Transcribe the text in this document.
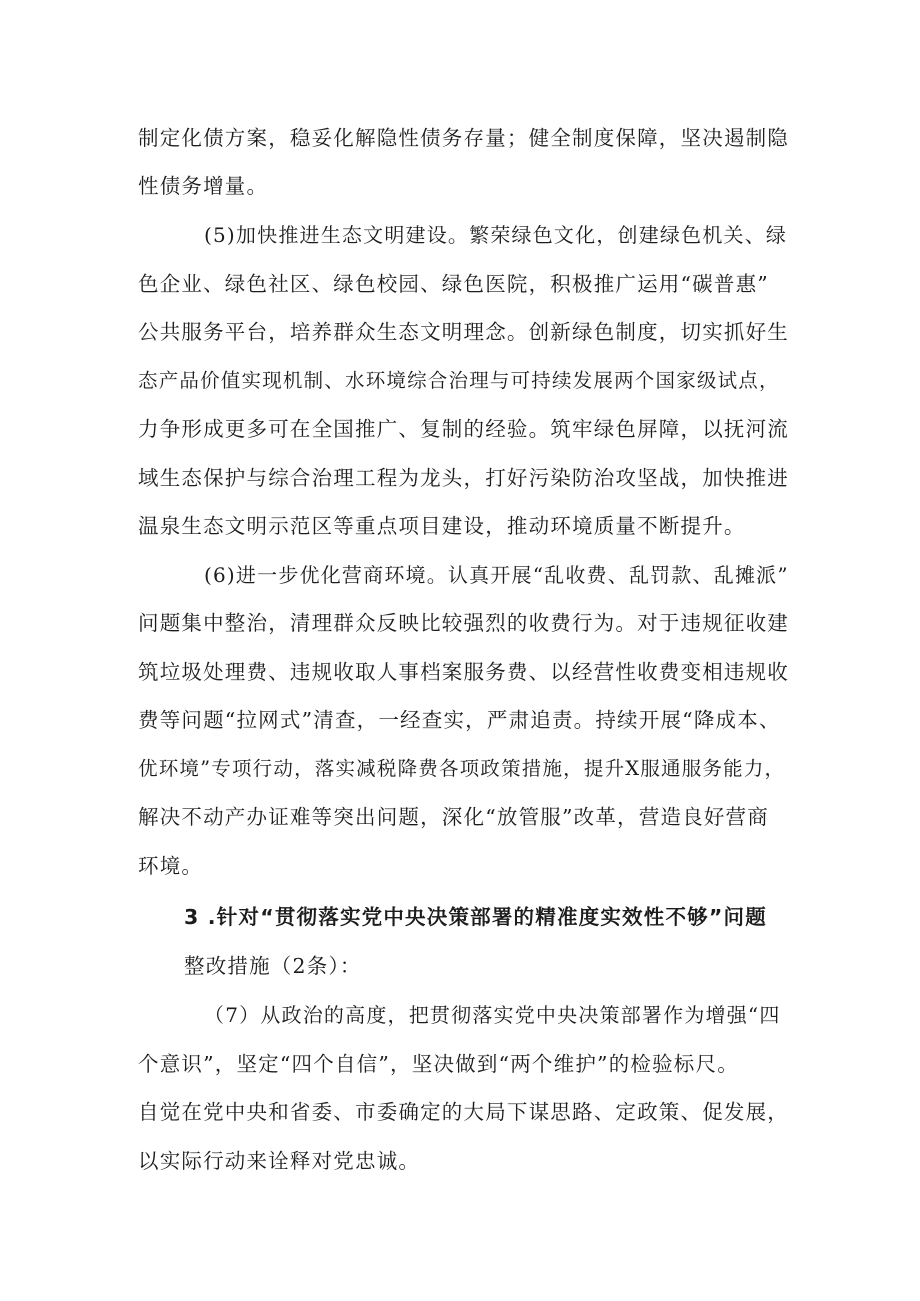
制定化债方案，稳妥化解隐性债务存量；健全制度保障，坚决遏制隐
性债务增量。
(5)加快推进生态文明建设。繁荣绿色文化，创建绿色机关、绿
色企业、绿色社区、绿色校园、绿色医院，积极推广运用“碳普惠”
公共服务平台，培养群众生态文明理念。创新绿色制度，切实抓好生
态产品价值实现机制、水环境综合治理与可持续发展两个国家级试点，
力争形成更多可在全国推广、复制的经验。筑牢绿色屏障，以抚河流
域生态保护与综合治理工程为龙头，打好污染防治攻坚战，加快推进
温泉生态文明示范区等重点项目建设，推动环境质量不断提升。
(6)进一步优化营商环境。认真开展“乱收费、乱罚款、乱摊派”
问题集中整治，清理群众反映比较强烈的收费行为。对于违规征收建
筑垃圾处理费、违规收取人事档案服务费、以经营性收费变相违规收
费等问题“拉网式”清查，一经查实，严肃追责。持续开展“降成本、
优环境”专项行动，落实减税降费各项政策措施，提升X服通服务能力，
解决不动产办证难等突出问题，深化“放管服”改革，营造良好营商
环境。
3 .针对“贯彻落实党中央决策部署的精准度实效性不够”问题
整改措施（2条）：
（7）从政治的高度，把贯彻落实党中央决策部署作为增强“四
个意识”，坚定“四个自信”，坚决做到“两个维护”的检验标尺。
自觉在党中央和省委、市委确定的大局下谋思路、定政策、促发展，
以实际行动来诠释对党忠诚。
